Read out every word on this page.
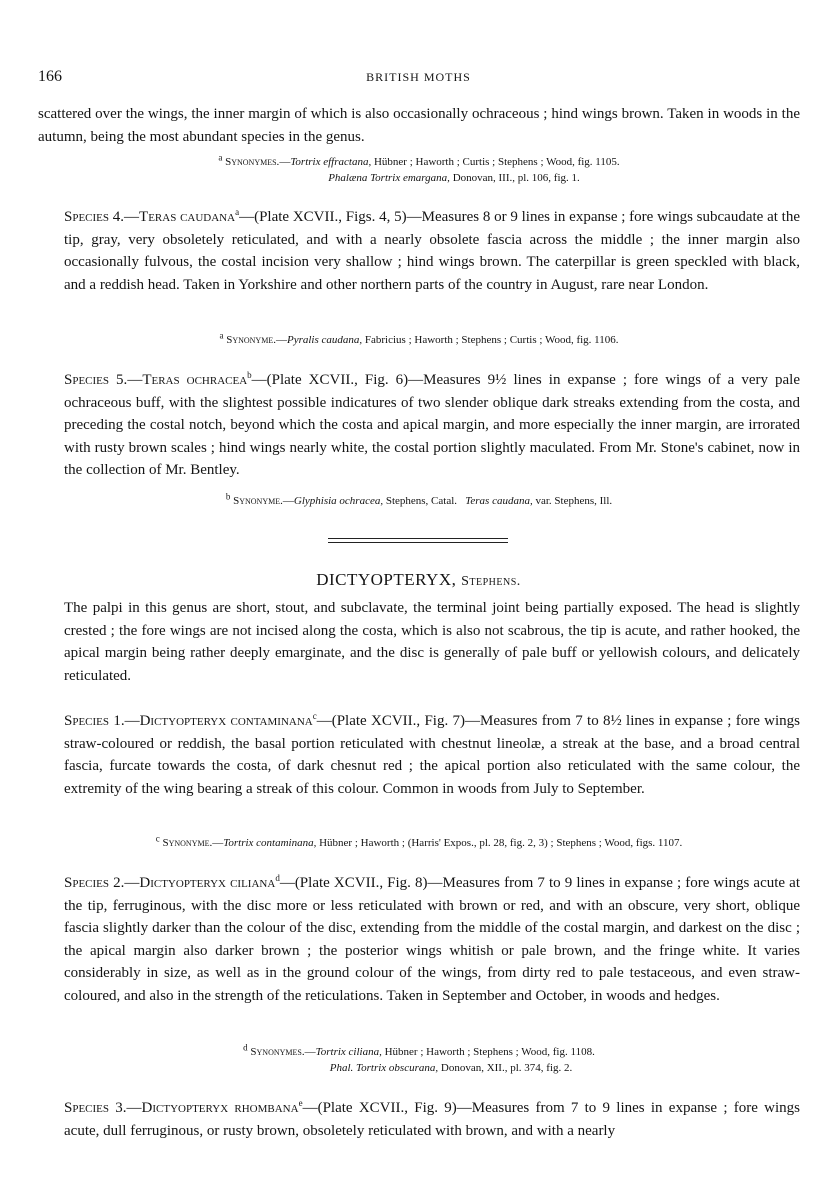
166	BRITISH MOTHS
scattered over the wings, the inner margin of which is also occasionally ochraceous ; hind wings brown. Taken in woods in the autumn, being the most abundant species in the genus.
$^a$ Synonymes.—Tortrix effractana, Hübner ; Haworth ; Curtis ; Stephens ; Wood, fig. 1105.
Phalæna Tortrix emargana, Donovan, III., pl. 106, fig. 1.
Species 4.—Teras caudana$^a$—(Plate XCVII., Figs. 4, 5)—Measures 8 or 9 lines in expanse ; fore wings subcaudate at the tip, gray, very obsoletely reticulated, and with a nearly obsolete fascia across the middle ; the inner margin also occasionally fulvous, the costal incision very shallow ; hind wings brown. The caterpillar is green speckled with black, and a reddish head. Taken in Yorkshire and other northern parts of the country in August, rare near London.
$^a$ Synonyme.—Pyralis caudana, Fabricius ; Haworth ; Stephens ; Curtis ; Wood, fig. 1106.
Species 5.—Teras ochracea$^b$—(Plate XCVII., Fig. 6)—Measures 9½ lines in expanse ; fore wings of a very pale ochraceous buff, with the slightest possible indicatures of two slender oblique dark streaks extending from the costa, and preceding the costal notch, beyond which the costa and apical margin, and more especially the inner margin, are irrorated with rusty brown scales ; hind wings nearly white, the costal portion slightly maculated. From Mr. Stone's cabinet, now in the collection of Mr. Bentley.
$^b$ Synonyme.—Glyphisia ochracea, Stephens, Catal. Teras caudana, var. Stephens, Ill.
DICTYOPTERYX, Stephens.
The palpi in this genus are short, stout, and subclavate, the terminal joint being partially exposed. The head is slightly crested ; the fore wings are not incised along the costa, which is also not scabrous, the tip is acute, and rather hooked, the apical margin being rather deeply emarginate, and the disc is generally of pale buff or yellowish colours, and delicately reticulated.
Species 1.—Dictyopteryx contaminana$^c$—(Plate XCVII., Fig. 7)—Measures from 7 to 8½ lines in expanse ; fore wings straw-coloured or reddish, the basal portion reticulated with chestnut lineolæ, a streak at the base, and a broad central fascia, furcate towards the costa, of dark chesnut red ; the apical portion also reticulated with the same colour, the extremity of the wing bearing a streak of this colour. Common in woods from July to September.
$^c$ Synonyme.—Tortrix contaminana, Hübner ; Haworth ; (Harris' Expos., pl. 28, fig. 2, 3) ; Stephens ; Wood, figs. 1107.
Species 2.—Dictyopteryx ciliana$^d$—(Plate XCVII., Fig. 8)—Measures from 7 to 9 lines in expanse ; fore wings acute at the tip, ferruginous, with the disc more or less reticulated with brown or red, and with an obscure, very short, oblique fascia slightly darker than the colour of the disc, extending from the middle of the costal margin, and darkest on the disc ; the apical margin also darker brown ; the posterior wings whitish or pale brown, and the fringe white. It varies considerably in size, as well as in the ground colour of the wings, from dirty red to pale testaceous, and even straw-coloured, and also in the strength of the reticulations. Taken in September and October, in woods and hedges.
$^d$ Synonymes.—Tortrix ciliana, Hübner ; Haworth ; Stephens ; Wood, fig. 1108.
Phal. Tortrix obscurana, Donovan, XII., pl. 374, fig. 2.
Species 3.—Dictyopteryx rhombana$^e$—(Plate XCVII., Fig. 9)—Measures from 7 to 9 lines in expanse ; fore wings acute, dull ferruginous, or rusty brown, obsoletely reticulated with brown, and with a nearly
